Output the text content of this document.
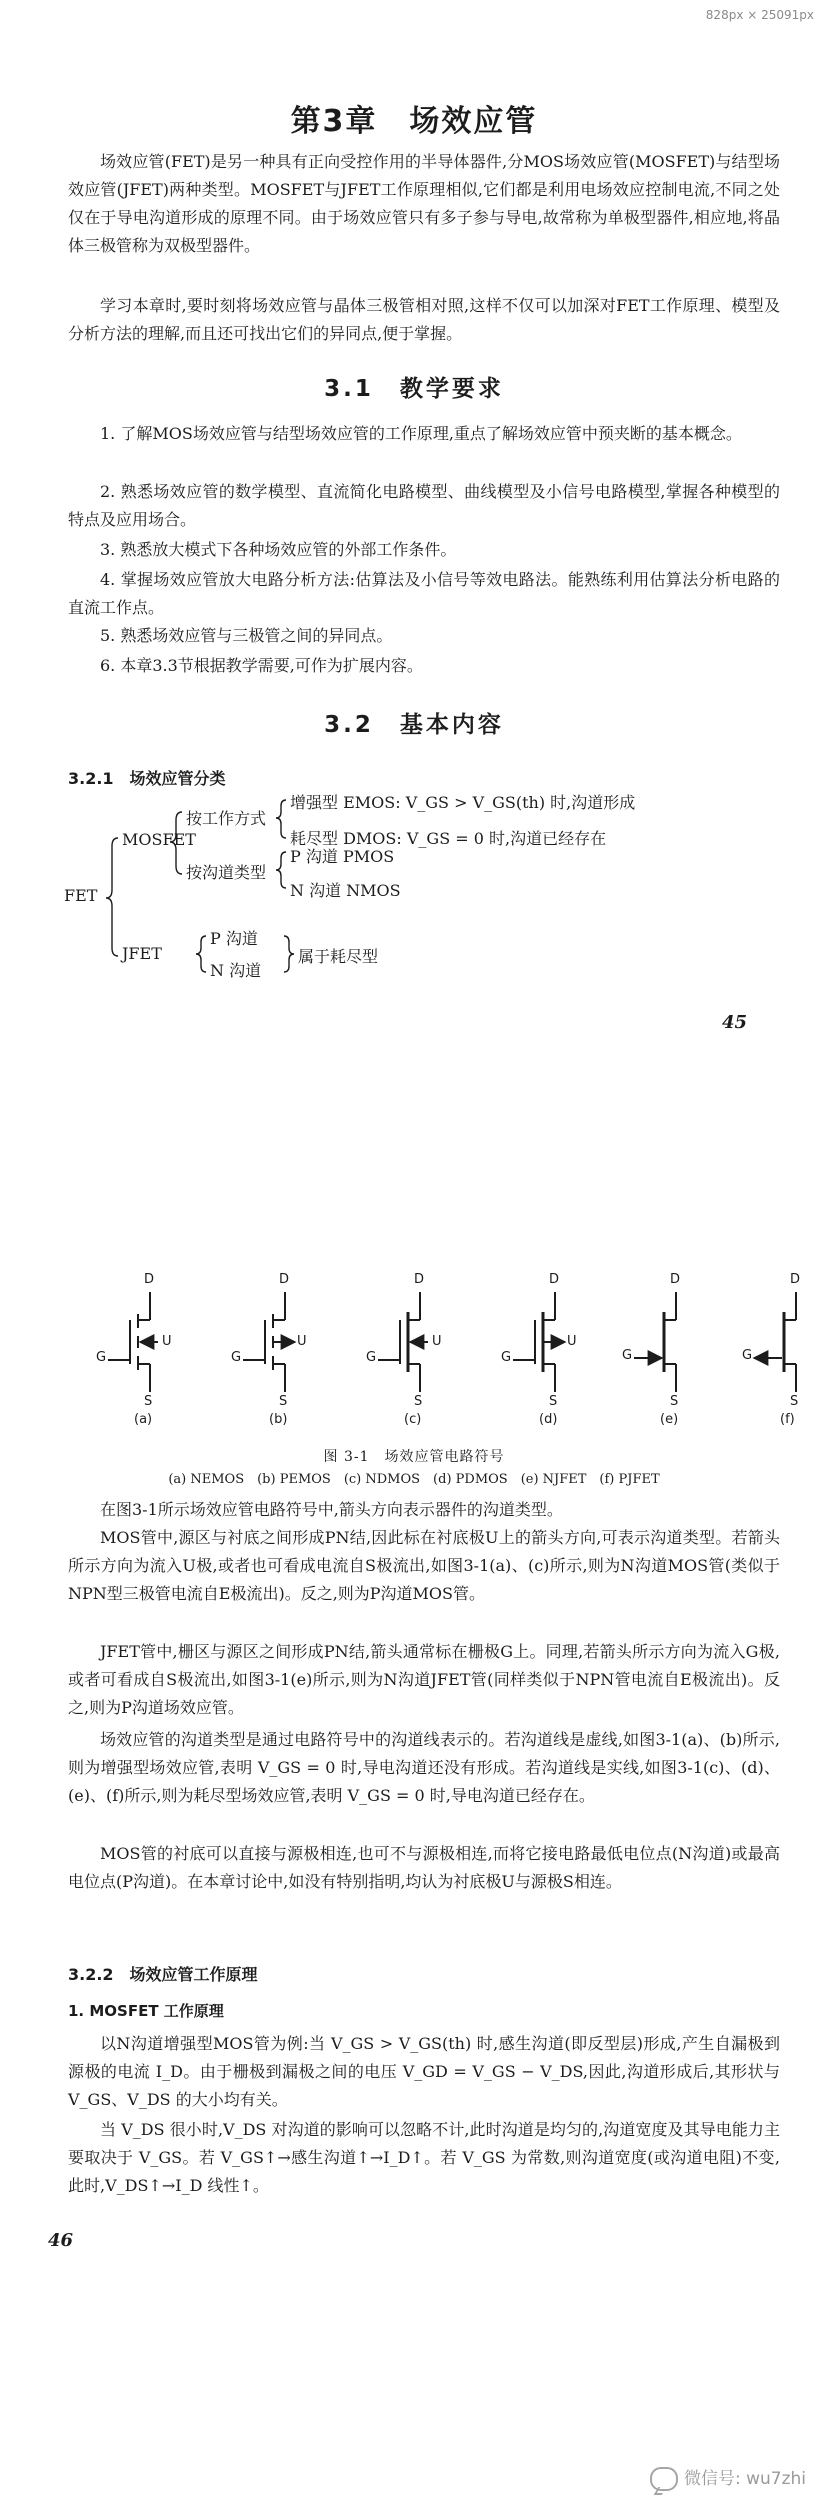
828px × 25091px
第3章　场效应管

场效应管(FET)是另一种具有正向受控作用的半导体器件,分MOS场效应管(MOSFET)与结型场效应管(JFET)两种类型。MOSFET与JFET工作原理相似,它们都是利用电场效应控制电流,不同之处仅在于导电沟道形成的原理不同。由于场效应管只有多子参与导电,故常称为单极型器件,相应地,将晶体三极管称为双极型器件。

学习本章时,要时刻将场效应管与晶体三极管相对照,这样不仅可以加深对FET工作原理、模型及分析方法的理解,而且还可找出它们的异同点,便于掌握。

3.1　教学要求

1. 了解MOS场效应管与结型场效应管的工作原理,重点了解场效应管中预夹断的基本概念。

2. 熟悉场效应管的数学模型、直流简化电路模型、曲线模型及小信号电路模型,掌握各种模型的特点及应用场合。

3. 熟悉放大模式下各种场效应管的外部工作条件。

4. 掌握场效应管放大电路分析方法:估算法及小信号等效电路法。能熟练利用估算法分析电路的直流工作点。

5. 熟悉场效应管与三极管之间的异同点。

6. 本章3.3节根据教学需要,可作为扩展内容。

3.2　基本内容
3.2.1　场效应管分类
FET
MOSFET
按工作方式
按沟道类型
增强型 EMOS: V_GS > V_GS(th) 时,沟道形成
耗尽型 DMOS: V_GS = 0 时,沟道已经存在
P 沟道 PMOS
N 沟道 NMOS
JFET
P 沟道
N 沟道
属于耗尽型
45
D
G
U
S
D
G
U
S
D
G
U
S
D
G
U
S
D
G
S
D
G
S
(a)	(b)	(c)	(d)	(e)	(f)
图 3-1　场效应管电路符号
(a) NEMOS　(b) PEMOS　(c) NDMOS　(d) PDMOS　(e) NJFET　(f) PJFET

在图3-1所示场效应管电路符号中,箭头方向表示器件的沟道类型。

MOS管中,源区与衬底之间形成PN结,因此标在衬底极U上的箭头方向,可表示沟道类型。若箭头所示方向为流入U极,或者也可看成电流自S极流出,如图3-1(a)、(c)所示,则为N沟道MOS管(类似于NPN型三极管电流自E极流出)。反之,则为P沟道MOS管。

JFET管中,栅区与源区之间形成PN结,箭头通常标在栅极G上。同理,若箭头所示方向为流入G极,或者可看成自S极流出,如图3-1(e)所示,则为N沟道JFET管(同样类似于NPN管电流自E极流出)。反之,则为P沟道场效应管。

场效应管的沟道类型是通过电路符号中的沟道线表示的。若沟道线是虚线,如图3-1(a)、(b)所示,则为增强型场效应管,表明 V_GS = 0 时,导电沟道还没有形成。若沟道线是实线,如图3-1(c)、(d)、(e)、(f)所示,则为耗尽型场效应管,表明 V_GS = 0 时,导电沟道已经存在。

MOS管的衬底可以直接与源极相连,也可不与源极相连,而将它接电路最低电位点(N沟道)或最高电位点(P沟道)。在本章讨论中,如没有特别指明,均认为衬底极U与源极S相连。

3.2.2　场效应管工作原理
1. MOSFET 工作原理

以N沟道增强型MOS管为例:当 V_GS > V_GS(th) 时,感生沟道(即反型层)形成,产生自漏极到源极的电流 I_D。由于栅极到漏极之间的电压 V_GD = V_GS − V_DS,因此,沟道形成后,其形状与 V_GS、V_DS 的大小均有关。

当 V_DS 很小时,V_DS 对沟道的影响可以忽略不计,此时沟道是均匀的,沟道宽度及其导电能力主要取决于 V_GS。若 V_GS↑→感生沟道↑→I_D↑。若 V_GS 为常数,则沟道宽度(或沟道电阻)不变,此时,V_DS↑→I_D 线性↑。

46
微信号: wu7zhi
